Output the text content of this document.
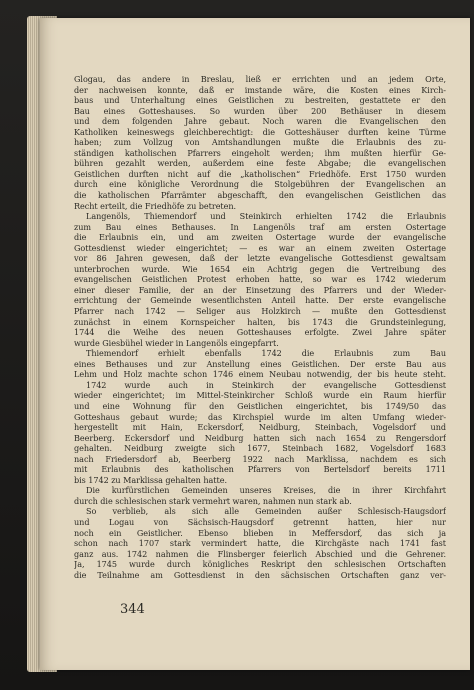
Glogau, das andere in Breslau, ließ er errichten und an jedem Orte,
der nachweisen konnte, daß er imstande wäre, die Kosten eines Kirch-
baus und Unterhaltung eines Geistlichen zu bestreiten, gestattete er den
Bau eines Gotteshauses. So wurden über 200 Bethäuser in diesem
und dem folgenden Jahre gebaut. Noch waren die Evangelischen den
Katholiken keineswegs gleichberechtigt: die Gotteshäuser durften keine Türme
haben; zum Vollzug von Amtshandlungen mußte die Erlaubnis des zu-
ständigen katholischen Pfarrers eingeholt werden; ihm mußten hierfür Ge-
bühren gezahlt werden, außerdem eine feste Abgabe; die evangelischen
Geistlichen durften nicht auf die „katholischen“ Friedhöfe. Erst 1750 wurden
durch eine königliche Verordnung die Stolgebühren der Evangelischen an
die katholischen Pfarrämter abgeschafft, den evangelischen Geistlichen das
Recht erteilt, die Friedhöfe zu betreten.
Langenöls, Thiemendorf und Steinkirch erhielten 1742 die Erlaubnis
zum Bau eines Bethauses. In Langenöls traf am ersten Ostertage
die Erlaubnis ein, und am zweiten Ostertage wurde der evangelische
Gottesdienst wieder eingerichtet; — es war an einem zweiten Ostertage
vor 86 Jahren gewesen, daß der letzte evangelische Gottesdienst gewaltsam
unterbrochen wurde. Wie 1654 ein Achtrig gegen die Vertreibung des
evangelischen Geistlichen Protest erhoben hatte, so war es 1742 wiederum
einer dieser Familie, der an der Einsetzung des Pfarrers und der Wieder-
errichtung der Gemeinde wesentlichsten Anteil hatte. Der erste evangelische
Pfarrer nach 1742 — Seliger aus Holzkirch — mußte den Gottesdienst
zunächst in einem Kornspeicher halten, bis 1743 die Grundsteinlegung,
1744 die Weihe des neuen Gotteshauses erfolgte. Zwei Jahre später
wurde Giesbühel wieder in Langenöls eingepfarrt.
Thiemendorf erhielt ebenfalls 1742 die Erlaubnis zum Bau
eines Bethauses und zur Anstellung eines Geistlichen. Der erste Bau aus
Lehm und Holz machte schon 1746 einem Neubau notwendig, der bis heute steht.
1742 wurde auch in Steinkirch der evangelische Gottesdienst
wieder eingerichtet; im Mittel-Steinkircher Schloß wurde ein Raum hierfür
und eine Wohnung für den Geistlichen eingerichtet, bis 1749/50 das
Gotteshaus gebaut wurde; das Kirchspiel wurde im alten Umfang wieder-
hergestellt mit Hain, Eckersdorf, Neidburg, Steinbach, Vogelsdorf und
Beerberg. Eckersdorf und Neidburg hatten sich nach 1654 zu Rengersdorf
gehalten. Neidburg zweigte sich 1677, Steinbach 1682, Vogelsdorf 1683
nach Friedersdorf ab, Beerberg 1922 nach Marklissa, nachdem es sich
mit Erlaubnis des katholischen Pfarrers von Bertelsdorf bereits 1711
bis 1742 zu Marklissa gehalten hatte.
Die kurfürstlichen Gemeinden unseres Kreises, die in ihrer Kirchfahrt
durch die schlesischen stark vermehrt waren, nahmen nun stark ab.
So verblieb, als sich alle Gemeinden außer Schlesisch-Haugsdorf
und Logau von Sächsisch-Haugsdorf getrennt hatten, hier nur
noch ein Geistlicher. Ebenso blieben in Meffersdorf, das sich ja
schon nach 1707 stark vermindert hatte, die Kirchgäste nach 1741 fast
ganz aus. 1742 nahmen die Flinsberger feierlich Abschied und die Gehrener.
Ja, 1745 wurde durch königliches Reskript den schlesischen Ortschaften
die Teilnahme am Gottesdienst in den sächsischen Ortschaften ganz ver-
344
